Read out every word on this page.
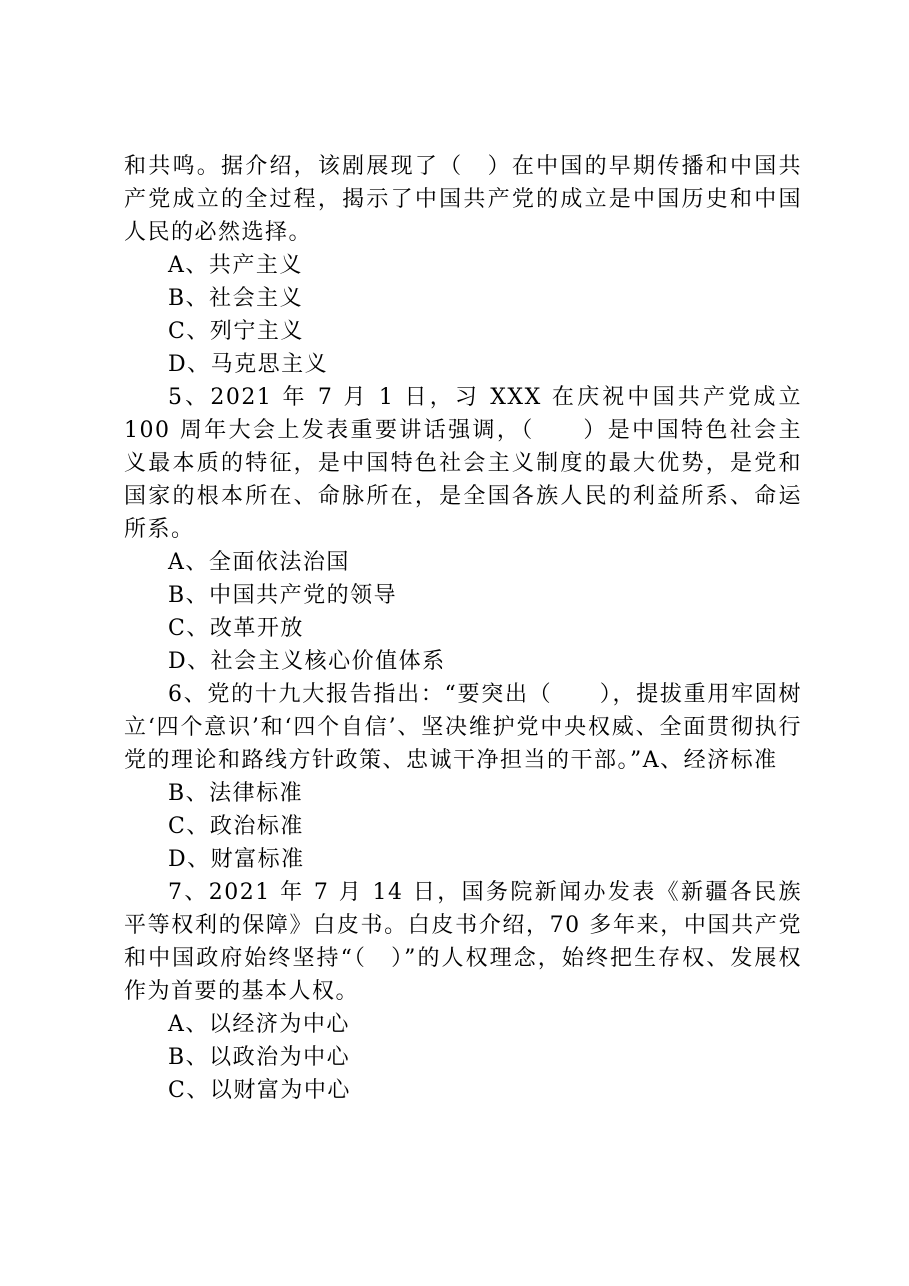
和共鸣。据介绍，该剧展现了（　）在中国的早期传播和中国共产党成立的全过程，揭示了中国共产党的成立是中国历史和中国人民的必然选择。

A、共产主义

B、社会主义

C、列宁主义

D、马克思主义

5、2021 年 7 月 1 日，习 XXX 在庆祝中国共产党成立 100 周年大会上发表重要讲话强调，（　　）是中国特色社会主义最本质的特征，是中国特色社会主义制度的最大优势，是党和国家的根本所在、命脉所在，是全国各族人民的利益所系、命运所系。

A、全面依法治国

B、中国共产党的领导

C、改革开放

D、社会主义核心价值体系

6、党的十九大报告指出：“要突出（　　），提拔重用牢固树立‘四个意识’和‘四个自信’、坚决维护党中央权威、全面贯彻执行党的理论和路线方针政策、忠诚干净担当的干部。”A、经济标准

B、法律标准

C、政治标准

D、财富标准

7、2021 年 7 月 14 日，国务院新闻办发表《新疆各民族平等权利的保障》白皮书。白皮书介绍，70 多年来，中国共产党和中国政府始终坚持“（　）”的人权理念，始终把生存权、发展权作为首要的基本人权。

A、以经济为中心

B、以政治为中心

C、以财富为中心
